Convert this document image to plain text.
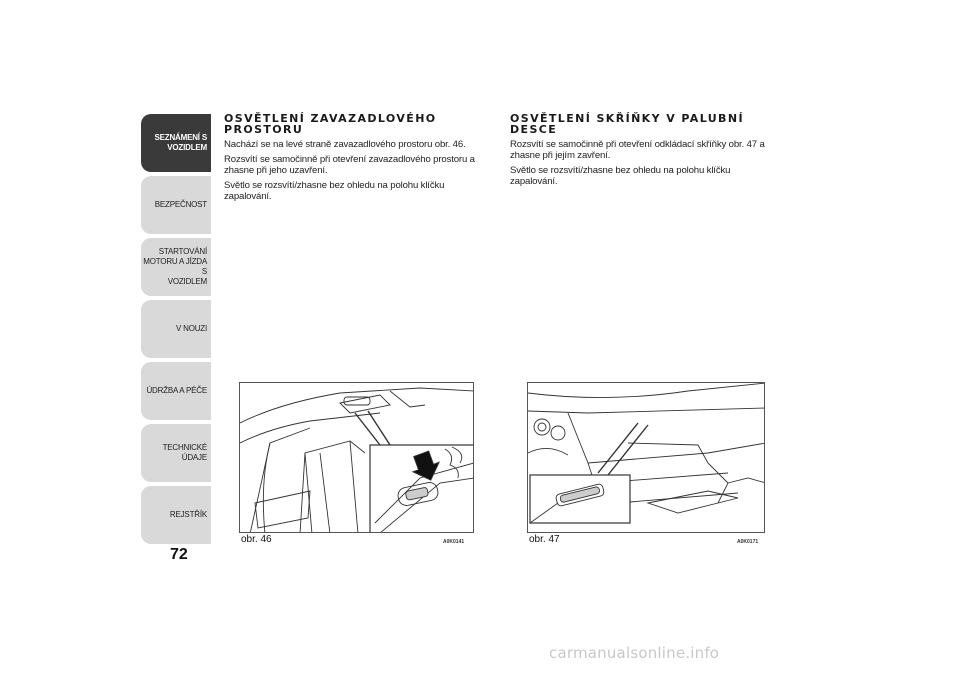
SEZNÁMENÍ S
VOZIDLEM
BEZPEČNOST
STARTOVÁNÍ
MOTORU A JÍZDA S
VOZIDLEM
V NOUZI
ÚDRŽBA A PÉČE
TECHNICKÉ ÚDAJE
REJSTŘÍK
72
OSVĚTLENÍ ZAVAZADLOVÉHO
PROSTORU

Nachází se na levé straně zavazadlového prostoru obr. 46.

Rozsvítí se samočinně při otevření zavazadlového prostoru a zhasne při jeho uzavření.

Světlo se rozsvítí/zhasne bez ohledu na polohu klíčku zapalování.

OSVĚTLENÍ SKŘÍŇKY V PALUBNÍ
DESCE

Rozsvítí se samočinně při otevření odkládací skříňky obr. 47 a zhasne při jejím zavření.

Světlo se rozsvítí/zhasne bez ohledu na polohu klíčku zapalování.

obr. 46	A0K0141	obr. 47	A0K0171
carmanualsonline.info
